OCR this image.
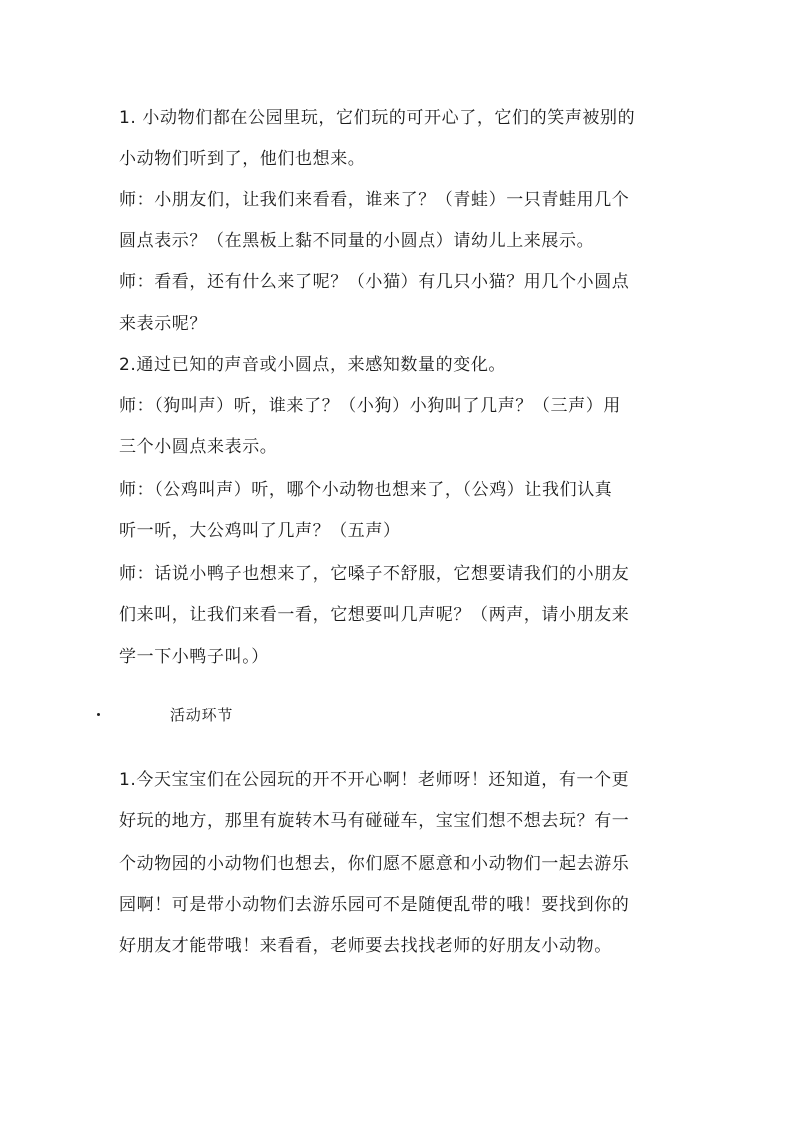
1. 小动物们都在公园里玩，它们玩的可开心了，它们的笑声被别的
小动物们听到了，他们也想来。
师：小朋友们，让我们来看看，谁来了？（青蛙）一只青蛙用几个
圆点表示？（在黑板上黏不同量的小圆点）请幼儿上来展示。
师：看看，还有什么来了呢？（小猫）有几只小猫？用几个小圆点
来表示呢？
2.通过已知的声音或小圆点，来感知数量的变化。
师：（狗叫声）听，谁来了？（小狗）小狗叫了几声？（三声）用
三个小圆点来表示。
师：（公鸡叫声）听，哪个小动物也想来了，（公鸡）让我们认真
听一听，大公鸡叫了几声？（五声）
师：话说小鸭子也想来了，它嗓子不舒服，它想要请我们的小朋友
们来叫，让我们来看一看，它想要叫几声呢？（两声，请小朋友来
学一下小鸭子叫。）
活动环节
1.今天宝宝们在公园玩的开不开心啊！老师呀！还知道，有一个更
好玩的地方，那里有旋转木马有碰碰车，宝宝们想不想去玩？有一
个动物园的小动物们也想去，你们愿不愿意和小动物们一起去游乐
园啊！可是带小动物们去游乐园可不是随便乱带的哦！要找到你的
好朋友才能带哦！来看看，老师要去找找老师的好朋友小动物。
